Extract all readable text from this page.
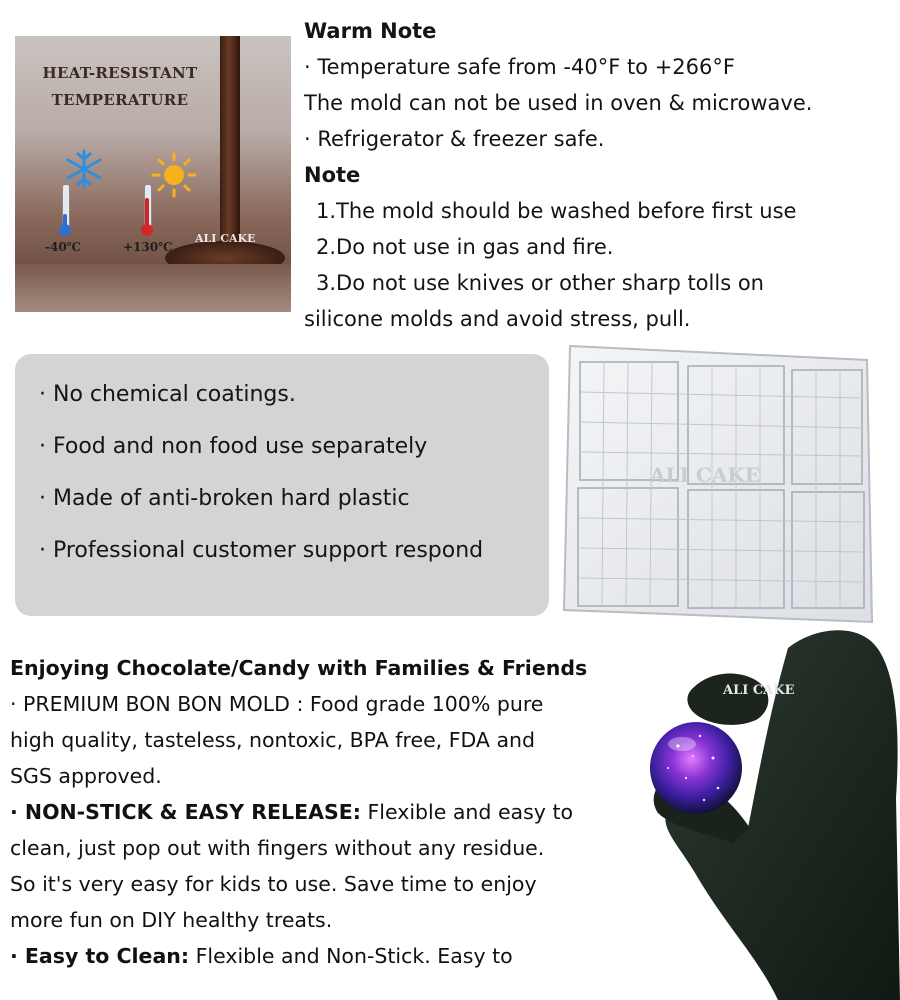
HEAT-RESISTANT
TEMPERATURE
-40℃	+130℃
ALI CAKE
Warm Note
· Temperature safe from -40°F to +266°F
The mold can not be used in oven & microwave.
· Refrigerator & freezer safe.
Note
1.The mold should be washed before first use
2.Do not use in gas and fire.
3.Do not use knives or other sharp tolls on
silicone molds and avoid stress, pull.
· No chemical coatings.
· Food and non food use separately
· Made of anti-broken hard plastic
· Professional customer support respond
ALI CAKE
Enjoying Chocolate/Candy with Families & Friends
· PREMIUM BON BON MOLD : Food grade 100% pure
high quality, tasteless, nontoxic, BPA free, FDA and
SGS approved.
· NON-STICK & EASY RELEASE: Flexible and easy to
clean, just pop out with fingers without any residue.
So it's very easy for kids to use. Save time to enjoy
more fun on DIY healthy treats.
· Easy to Clean: Flexible and Non-Stick. Easy to
ALI CAKE
